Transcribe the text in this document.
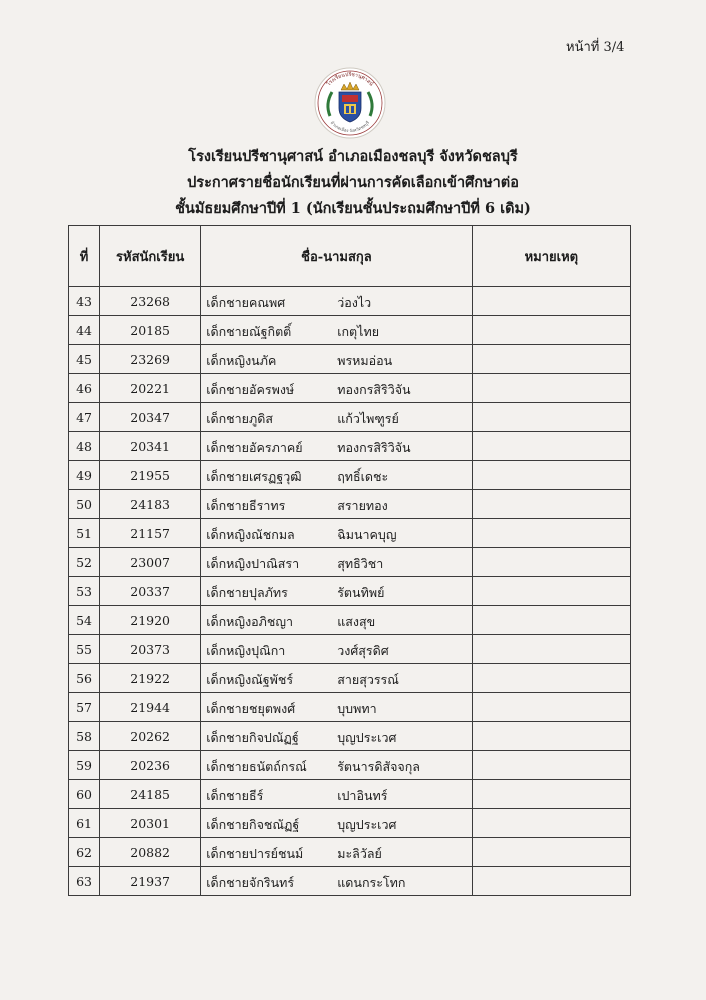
หน้าที่ 3/4
โรงเรียนปรีชานุศาสน์
อำเภอเมือง จังหวัดชลบุรี
โรงเรียนปรีชานุศาสน์ อำเภอเมืองชลบุรี จังหวัดชลบุรี
ประกาศรายชื่อนักเรียนที่ผ่านการคัดเลือกเข้าศึกษาต่อ
ชั้นมัธยมศึกษาปีที่ 1 (นักเรียนชั้นประถมศึกษาปีที่ 6 เดิม)
ที่	รหัสนักเรียน	ชื่อ-นามสกุล	หมายเหตุ
43	23268	เด็กชายคณพศ ว่องไว	

44	20185	เด็กชายณัฐกิตติ์ เกตุไทย	

45	23269	เด็กหญิงนภัค พรหมอ่อน	

46	20221	เด็กชายอัครพงษ์ ทองกรสิริวิจัน	

47	20347	เด็กชายภูดิส แก้วไพฑูรย์	

48	20341	เด็กชายอัครภาคย์ ทองกรสิริวิจัน	

49	21955	เด็กชายเศรฏฐวุฒิ ฤทธิ์เดชะ	

50	24183	เด็กชายธีราทร สรายทอง	

51	21157	เด็กหญิงณัชกมล ฉิมนาคบุญ	

52	23007	เด็กหญิงปาณิสรา สุทธิวิชา	

53	20337	เด็กชายปุลภัทร รัตนทิพย์	

54	21920	เด็กหญิงอภิชญา แสงสุข	

55	20373	เด็กหญิงปุณิกา วงศ์สุรดิศ	

56	21922	เด็กหญิงณัฐพัชร์ สายสุวรรณ์	

57	21944	เด็กชายชยุตพงศ์ บุบพทา	

58	20262	เด็กชายกิจปณัฏฐ์ บุญประเวศ	

59	20236	เด็กชายธนัตถ์กรณ์ รัตนารดิสัจจกุล	

60	24185	เด็กชายธีร์ เปาอินทร์	

61	20301	เด็กชายกิจชณัฏฐ์ บุญประเวศ	

62	20882	เด็กชายปารย์ชนม์ มะลิวัลย์	

63	21937	เด็กชายจักรินทร์ แดนกระโทก	
